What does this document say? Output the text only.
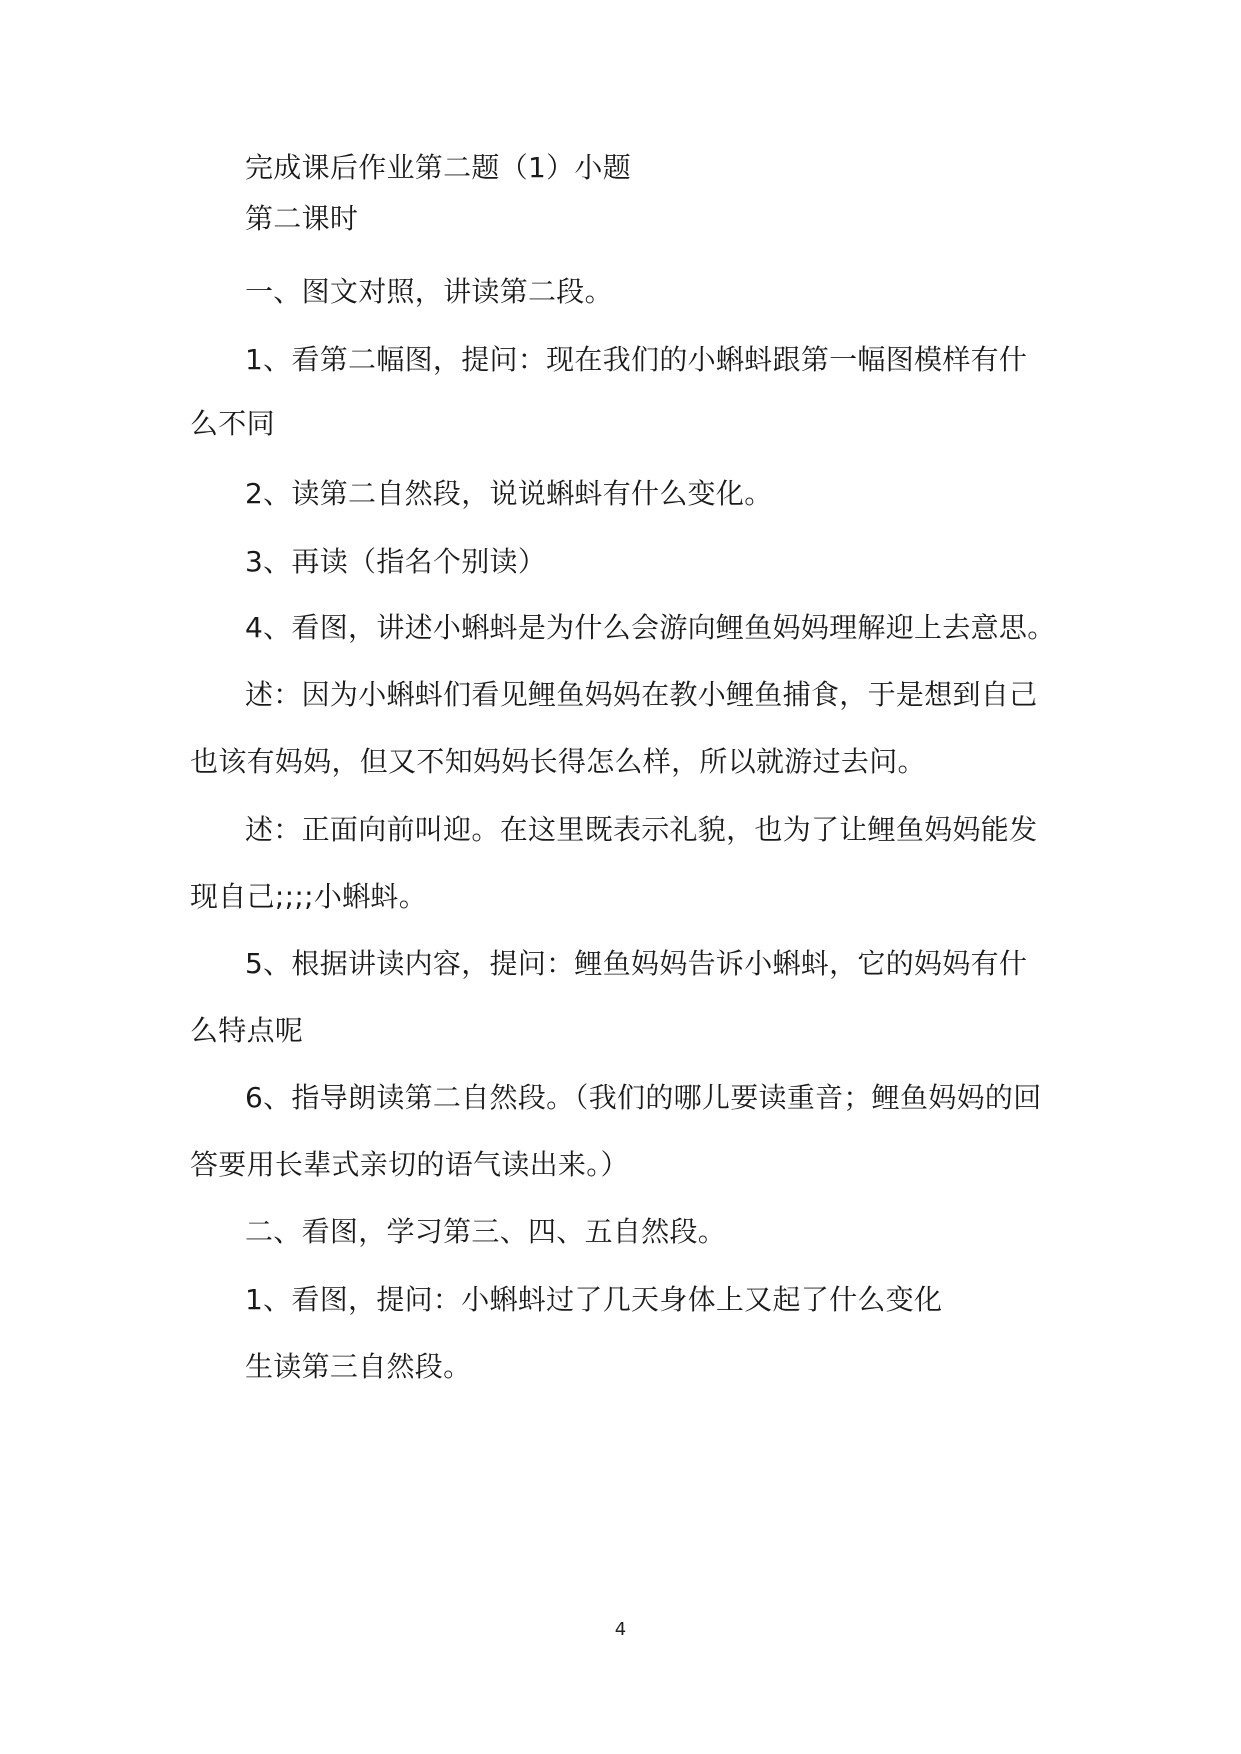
完成课后作业第二题（1）小题
第二课时
一、图文对照，讲读第二段。
1、看第二幅图，提问：现在我们的小蝌蚪跟第一幅图模样有什
么不同
2、读第二自然段，说说蝌蚪有什么变化。
3、再读（指名个别读）
4、看图，讲述小蝌蚪是为什么会游向鲤鱼妈妈理解迎上去意思。
述：因为小蝌蚪们看见鲤鱼妈妈在教小鲤鱼捕食，于是想到自己
也该有妈妈，但又不知妈妈长得怎么样，所以就游过去问。
述：正面向前叫迎。在这里既表示礼貌，也为了让鲤鱼妈妈能发
现自己;;;;小蝌蚪。
5、根据讲读内容，提问：鲤鱼妈妈告诉小蝌蚪，它的妈妈有什
么特点呢
6、指导朗读第二自然段。（我们的哪儿要读重音；鲤鱼妈妈的回
答要用长辈式亲切的语气读出来。）
二、看图，学习第三、四、五自然段。
1、看图，提问：小蝌蚪过了几天身体上又起了什么变化
生读第三自然段。
4
